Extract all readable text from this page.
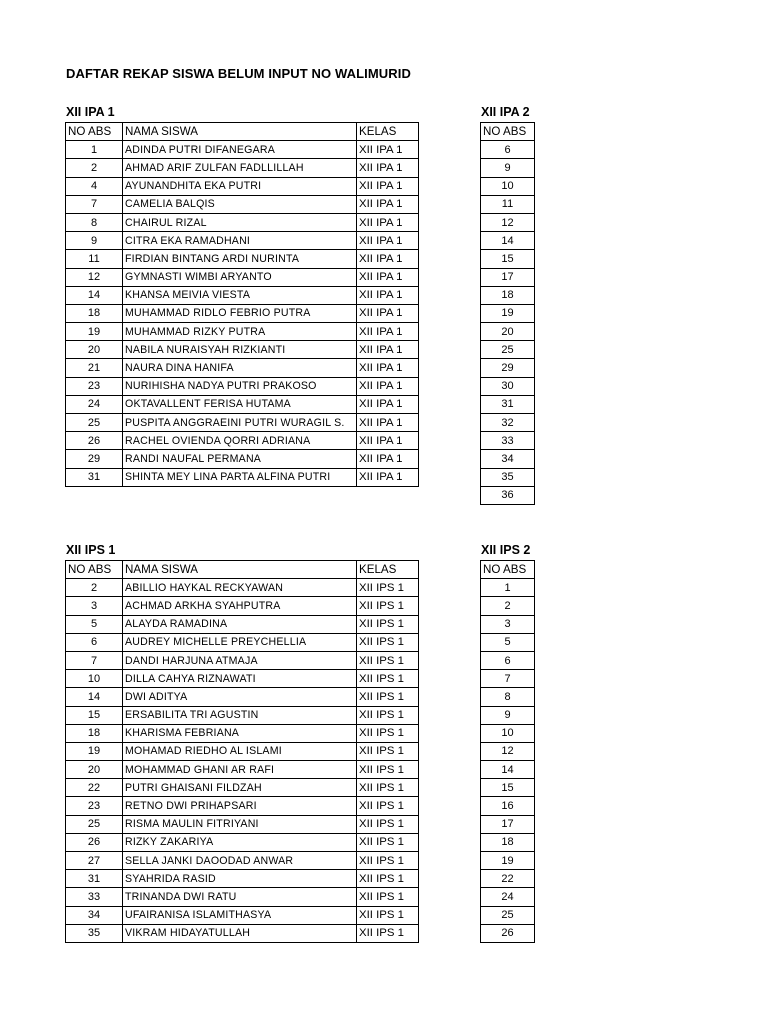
DAFTAR REKAP SISWA BELUM INPUT NO WALIMURID
XII IPA 1
NO ABS	NAMA SISWA	KELAS
1	ADINDA PUTRI DIFANEGARA	XII IPA 1
2	AHMAD ARIF ZULFAN FADLLILLAH	XII IPA 1
4	AYUNANDHITA EKA PUTRI	XII IPA 1
7	CAMELIA BALQIS	XII IPA 1
8	CHAIRUL RIZAL	XII IPA 1
9	CITRA EKA RAMADHANI	XII IPA 1
11	FIRDIAN BINTANG ARDI NURINTA	XII IPA 1
12	GYMNASTI WIMBI ARYANTO	XII IPA 1
14	KHANSA MEIVIA VIESTA	XII IPA 1
18	MUHAMMAD RIDLO FEBRIO PUTRA	XII IPA 1
19	MUHAMMAD RIZKY PUTRA	XII IPA 1
20	NABILA NURAISYAH RIZKIANTI	XII IPA 1
21	NAURA DINA HANIFA	XII IPA 1
23	NURIHISHA NADYA PUTRI PRAKOSO	XII IPA 1
24	OKTAVALLENT FERISA HUTAMA	XII IPA 1
25	PUSPITA ANGGRAEINI PUTRI WURAGIL S.	XII IPA 1
26	RACHEL OVIENDA QORRI ADRIANA	XII IPA 1
29	RANDI NAUFAL PERMANA	XII IPA 1
31	SHINTA MEY LINA PARTA ALFINA PUTRI	XII IPA 1
XII IPA 2
NO ABS
6
9
10
11
12
14
15
17
18
19
20
25
29
30
31
32
33
34
35
36
XII IPS 1
NO ABS	NAMA SISWA	KELAS
2	ABILLIO HAYKAL RECKYAWAN	XII IPS 1
3	ACHMAD ARKHA SYAHPUTRA	XII IPS 1
5	ALAYDA RAMADINA	XII IPS 1
6	AUDREY MICHELLE PREYCHELLIA	XII IPS 1
7	DANDI HARJUNA ATMAJA	XII IPS 1
10	DILLA CAHYA RIZNAWATI	XII IPS 1
14	DWI ADITYA	XII IPS 1
15	ERSABILITA TRI AGUSTIN	XII IPS 1
18	KHARISMA FEBRIANA	XII IPS 1
19	MOHAMAD RIEDHO AL ISLAMI	XII IPS 1
20	MOHAMMAD GHANI AR RAFI	XII IPS 1
22	PUTRI GHAISANI FILDZAH	XII IPS 1
23	RETNO DWI PRIHAPSARI	XII IPS 1
25	RISMA MAULIN FITRIYANI	XII IPS 1
26	RIZKY ZAKARIYA	XII IPS 1
27	SELLA JANKI DAOODAD ANWAR	XII IPS 1
31	SYAHRIDA RASID	XII IPS 1
33	TRINANDA DWI RATU	XII IPS 1
34	UFAIRANISA ISLAMITHASYA	XII IPS 1
35	VIKRAM HIDAYATULLAH	XII IPS 1
XII IPS 2
NO ABS
1
2
3
5
6
7
8
9
10
12
14
15
16
17
18
19
22
24
25
26
